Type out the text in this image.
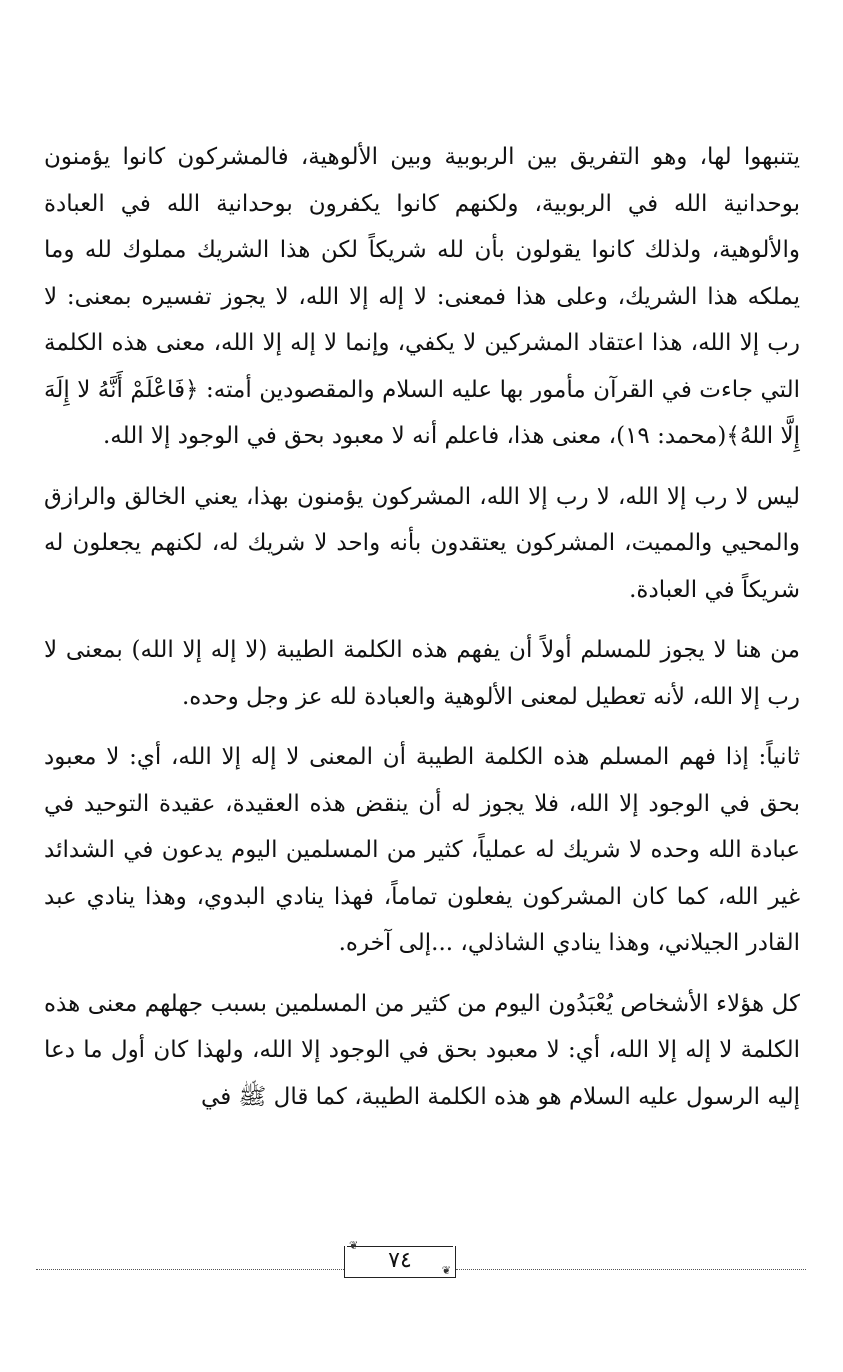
يتنبهوا لها، وهو التفريق بين الربوبية وبين الألوهية، فالمشركون كانوا يؤمنون بوحدانية الله في الربوبية، ولكنهم كانوا يكفرون بوحدانية الله في العبادة والألوهية، ولذلك كانوا يقولون بأن لله شريكاً لكن هذا الشريك مملوك لله وما يملكه هذا الشريك، وعلى هذا فمعنى: لا إله إلا الله، لا يجوز تفسيره بمعنى: لا رب إلا الله، هذا اعتقاد المشركين لا يكفي، وإنما لا إله إلا الله، معنى هذه الكلمة التي جاءت في القرآن مأمور بها عليه السلام والمقصودين أمته: ﴿فَاعْلَمْ أَنَّهُ لا إِلَهَ إِلَّا اللهُ﴾(محمد: ١٩)، معنى هذا، فاعلم أنه لا معبود بحق في الوجود إلا الله.

ليس لا رب إلا الله، لا رب إلا الله، المشركون يؤمنون بهذا، يعني الخالق والرازق والمحيي والمميت، المشركون يعتقدون بأنه واحد لا شريك له، لكنهم يجعلون له شريكاً في العبادة.

من هنا لا يجوز للمسلم أولاً أن يفهم هذه الكلمة الطيبة (لا إله إلا الله) بمعنى لا رب إلا الله، لأنه تعطيل لمعنى الألوهية والعبادة لله عز وجل وحده.

ثانياً: إذا فهم المسلم هذه الكلمة الطيبة أن المعنى لا إله إلا الله، أي: لا معبود بحق في الوجود إلا الله، فلا يجوز له أن ينقض هذه العقيدة، عقيدة التوحيد في عبادة الله وحده لا شريك له عملياً، كثير من المسلمين اليوم يدعون في الشدائد غير الله، كما كان المشركون يفعلون تماماً، فهذا ينادي البدوي، وهذا ينادي عبد القادر الجيلاني، وهذا ينادي الشاذلي، ...إلى آخره.

كل هؤلاء الأشخاص يُعْبَدُون اليوم من كثير من المسلمين بسبب جهلهم معنى هذه الكلمة لا إله إلا الله، أي: لا معبود بحق في الوجود إلا الله، ولهذا كان أول ما دعا إليه الرسول عليه السلام هو هذه الكلمة الطيبة، كما قال ﷺ في

❦
٧٤	❦
